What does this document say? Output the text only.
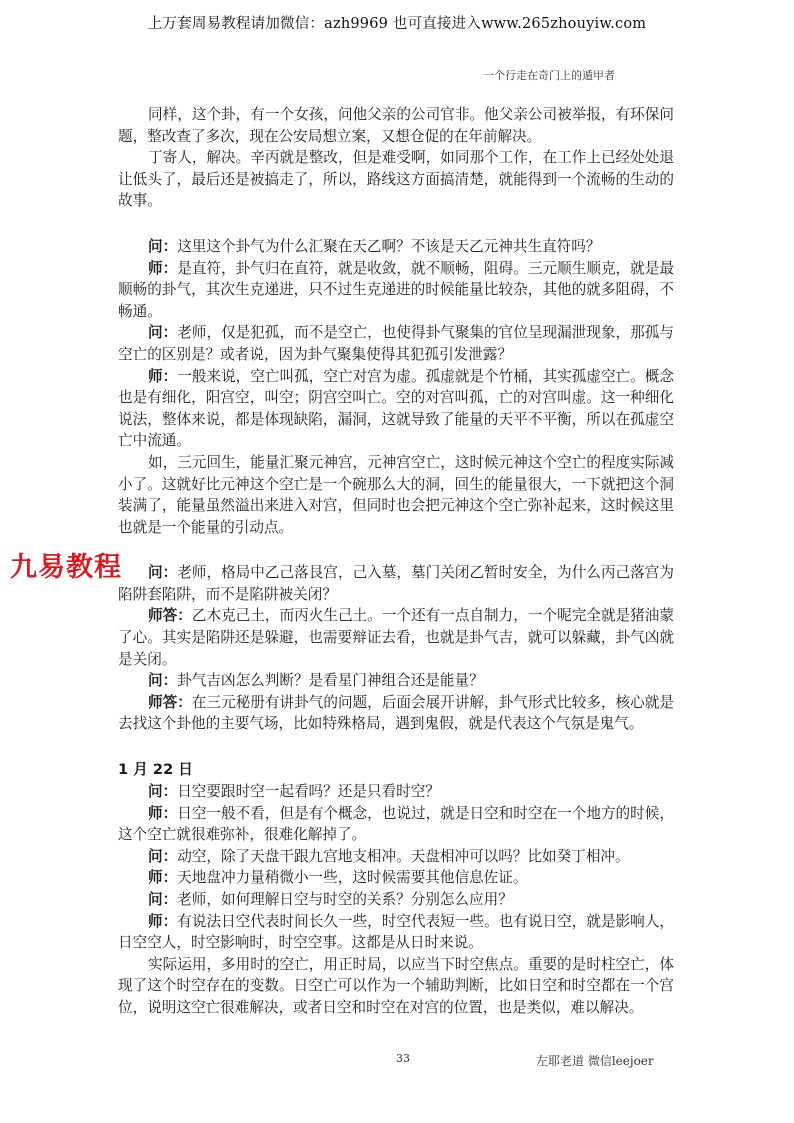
上万套周易教程请加微信：azh9969 也可直接进入www.265zhouyiw.com
一个行走在奇门上的遁甲者
九易教程

同样，这个卦，有一个女孩，问他父亲的公司官非。他父亲公司被举报，有环保问题，整改查了多次，现在公安局想立案，又想仓促的在年前解决。

丁寄人，解决。辛丙就是整改，但是难受啊，如同那个工作，在工作上已经处处退让低头了，最后还是被搞走了，所以，路线这方面搞清楚，就能得到一个流畅的生动的故事。

问：这里这个卦气为什么汇聚在天乙啊？不该是天乙元神共生直符吗？

师：是直符，卦气归在直符，就是收敛，就不顺畅，阻碍。三元顺生顺克，就是最顺畅的卦气，其次生克递进，只不过生克递进的时候能量比较杂，其他的就多阻碍，不畅通。

问：老师，仅是犯孤，而不是空亡，也使得卦气聚集的官位呈现漏泄现象，那孤与空亡的区别是？或者说，因为卦气聚集使得其犯孤引发泄露？

师：一般来说，空亡叫孤，空亡对宫为虚。孤虚就是个竹桶，其实孤虚空亡。概念也是有细化，阳宫空，叫空；阴宫空叫亡。空的对宫叫孤，亡的对宫叫虚。这一种细化说法，整体来说，都是体现缺陷，漏洞，这就导致了能量的天平不平衡，所以在孤虚空亡中流通。

如，三元回生，能量汇聚元神宫，元神宫空亡，这时候元神这个空亡的程度实际减小了。这就好比元神这个空亡是一个碗那么大的洞，回生的能量很大，一下就把这个洞装满了，能量虽然溢出来进入对宫，但同时也会把元神这个空亡弥补起来，这时候这里也就是一个能量的引动点。

问：老师，格局中乙己落艮宫，己入墓，墓门关闭乙暂时安全，为什么丙己落宫为陷阱套陷阱，而不是陷阱被关闭？

师答：乙木克己土，而丙火生己土。一个还有一点自制力，一个呢完全就是猪油蒙了心。其实是陷阱还是躲避，也需要辩证去看，也就是卦气吉，就可以躲藏，卦气凶就是关闭。

问：卦气吉凶怎么判断？是看星门神组合还是能量？

师答：在三元秘册有讲卦气的问题，后面会展开讲解，卦气形式比较多，核心就是去找这个卦他的主要气场，比如特殊格局，遇到鬼假，就是代表这个气氛是鬼气。

1 月 22 日

问：日空要跟时空一起看吗？还是只看时空？

师：日空一般不看，但是有个概念，也说过，就是日空和时空在一个地方的时候，这个空亡就很难弥补，很难化解掉了。

问：动空，除了天盘干跟九宫地支相冲。天盘相冲可以吗？比如癸丁相冲。

师：天地盘冲力量稍微小一些，这时候需要其他信息佐证。

问：老师，如何理解日空与时空的关系？分别怎么应用？

师：有说法日空代表时间长久一些，时空代表短一些。也有说日空，就是影响人，日空空人，时空影响时，时空空事。这都是从日时来说。

实际运用，多用时的空亡，用正时局，以应当下时空焦点。重要的是时柱空亡，体现了这个时空存在的变数。日空亡可以作为一个辅助判断，比如日空和时空都在一个宫位，说明这空亡很难解决，或者日空和时空在对宫的位置，也是类似，难以解决。

33	左耶老道 微信leejoer
